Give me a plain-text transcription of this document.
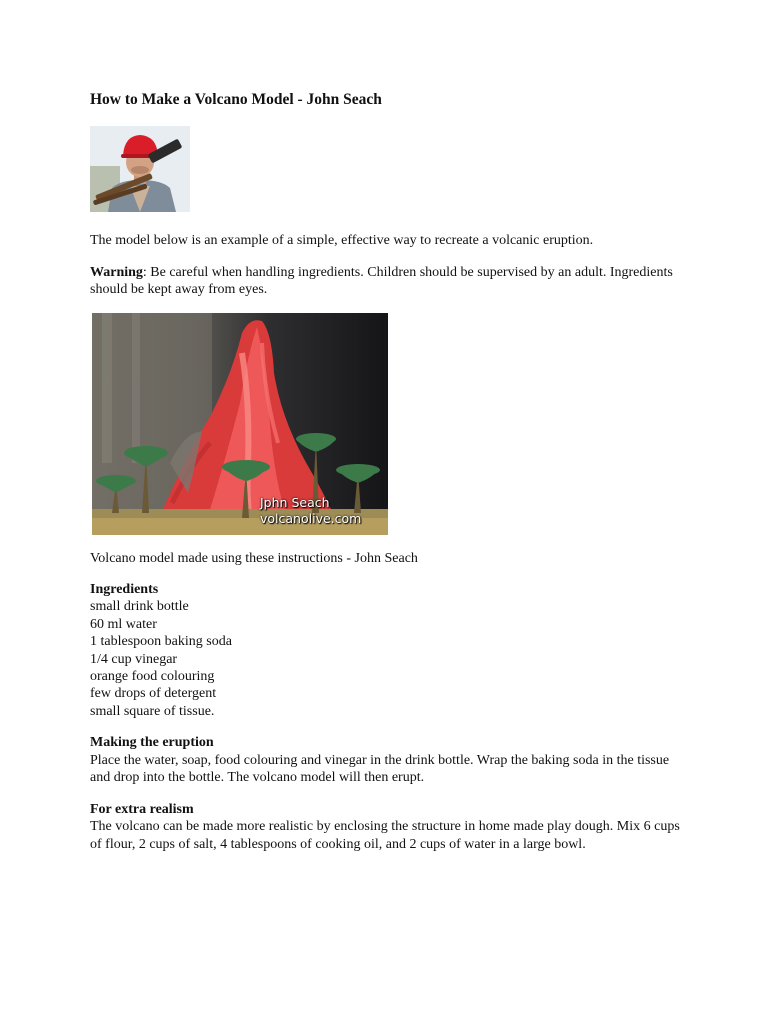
How to Make a Volcano Model - John Seach

The model below is an example of a simple, effective way to recreate a volcanic eruption.

Warning: Be careful when handling ingredients. Children should be supervised by an adult. Ingredients should be kept away from eyes.

Jphn Seach
volcanolive.com

Volcano model made using these instructions - John Seach

Ingredients

small drink bottle

60 ml water

1 tablespoon baking soda

1/4 cup vinegar

orange food colouring

few drops of detergent

small square of tissue.

Making the eruption

Place the water, soap, food colouring and vinegar in the drink bottle. Wrap the baking soda in the tissue and drop into the bottle. The volcano model will then erupt.

For extra realism

The volcano can be made more realistic by enclosing the structure in home made play dough. Mix 6 cups of flour, 2 cups of salt, 4 tablespoons of cooking oil, and 2 cups of water in a large bowl.
